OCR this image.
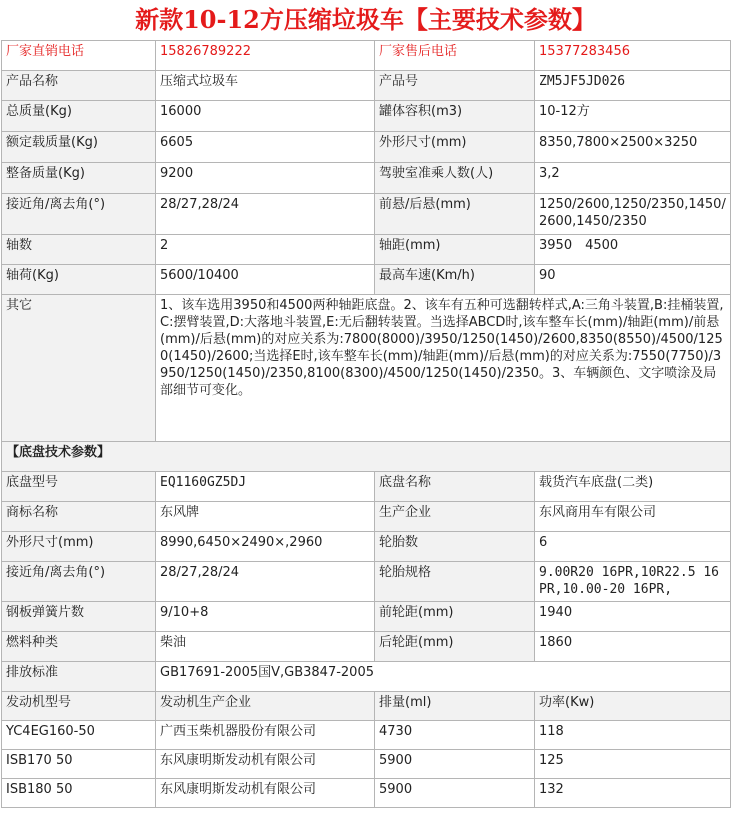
新款10-12方压缩垃圾车【主要技术参数】
厂家直销电话	15826789222	厂家售后电话	15377283456
产品名称	压缩式垃圾车	产品号	ZM5JF5JD026
总质量(Kg)	16000	罐体容积(m3)	10-12方
额定载质量(Kg)	6605	外形尺寸(mm)	8350,7800×2500×3250
整备质量(Kg)	9200	驾驶室准乘人数(人)	3,2
接近角/离去角(°)	28/27,28/24	前悬/后悬(mm)	1250/2600,1250/2350,1450/2600,1450/2350
轴数	2	轴距(mm)	3950　4500
轴荷(Kg)	5600/10400	最高车速(Km/h)	90
其它	1、该车选用3950和4500两种轴距底盘。2、该车有五种可选翻转样式,A:三角斗装置,B:挂桶装置,C:摆臂装置,D:大落地斗装置,E:无后翻转装置。当选择ABCD时,该车整车长(mm)/轴距(mm)/前悬(mm)/后悬(mm)的对应关系为:7800(8000)/3950/1250(1450)/2600,8350(8550)/4500/1250(1450)/2600;当选择E时,该车整车长(mm)/轴距(mm)/后悬(mm)的对应关系为:7550(7750)/3950/1250(1450)/2350,8100(8300)/4500/1250(1450)/2350。3、车辆颜色、文字喷涂及局部细节可变化。		
【底盘技术参数】			
底盘型号	EQ1160GZ5DJ	底盘名称	载货汽车底盘(二类)
商标名称	东风牌	生产企业	东风商用车有限公司
外形尺寸(mm)	8990,6450×2490×,2960	轮胎数	6
接近角/离去角(°)	28/27,28/24	轮胎规格	9.00R20 16PR,10R22.5 16PR,10.00-20 16PR,
钢板弹簧片数	9/10+8	前轮距(mm)	1940
燃料种类	柴油	后轮距(mm)	1860
排放标准	GB17691-2005国Ⅴ,GB3847-2005		
发动机型号	发动机生产企业	排量(ml)	功率(Kw)
YC4EG160-50	广西玉柴机器股份有限公司	4730	118
ISB170 50	东风康明斯发动机有限公司	5900	125
ISB180 50	东风康明斯发动机有限公司	5900	132
